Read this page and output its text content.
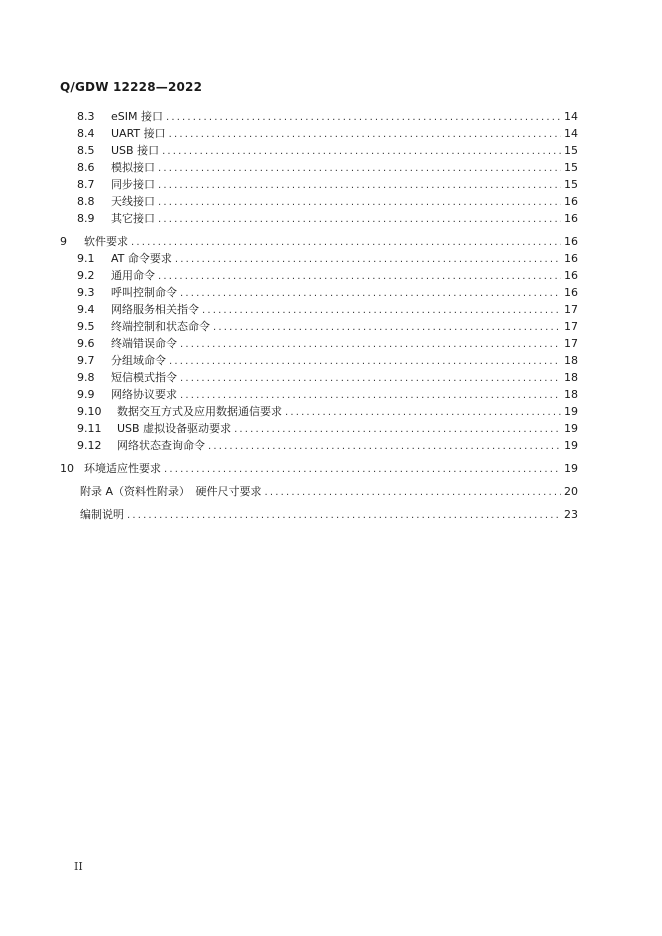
Q/GDW 12228—2022
8.3	eSIM 接口 . . .	14
8.4	UART 接口 . . .	14
8.5	USB 接口 . . .	15
8.6	模拟接口 . . .	15
8.7	同步接口 . . .	15
8.8	天线接口 . . .	16
8.9	其它接口 . . .	16
9	软件要求 . . .	16
9.1	AT 命令要求 . . .	16
9.2	通用命令 . . .	16
9.3	呼叫控制命令 . . .	16
9.4	网络服务相关指令 . . .	17
9.5	终端控制和状态命令 . . .	17
9.6	终端错误命令 . . .	17
9.7	分组域命令 . . .	18
9.8	短信模式指令 . . .	18
9.9	网络协议要求 . . .	18
9.10	数据交互方式及应用数据通信要求 . . .	19
9.11	USB 虚拟设备驱动要求 . . .	19
9.12	网络状态查询命令 . . .	19
10 环境适应性要求 . . .	19
附录 A（资料性附录）　硬件尺寸要求 . . .	20
编制说明 . . .	23
II
